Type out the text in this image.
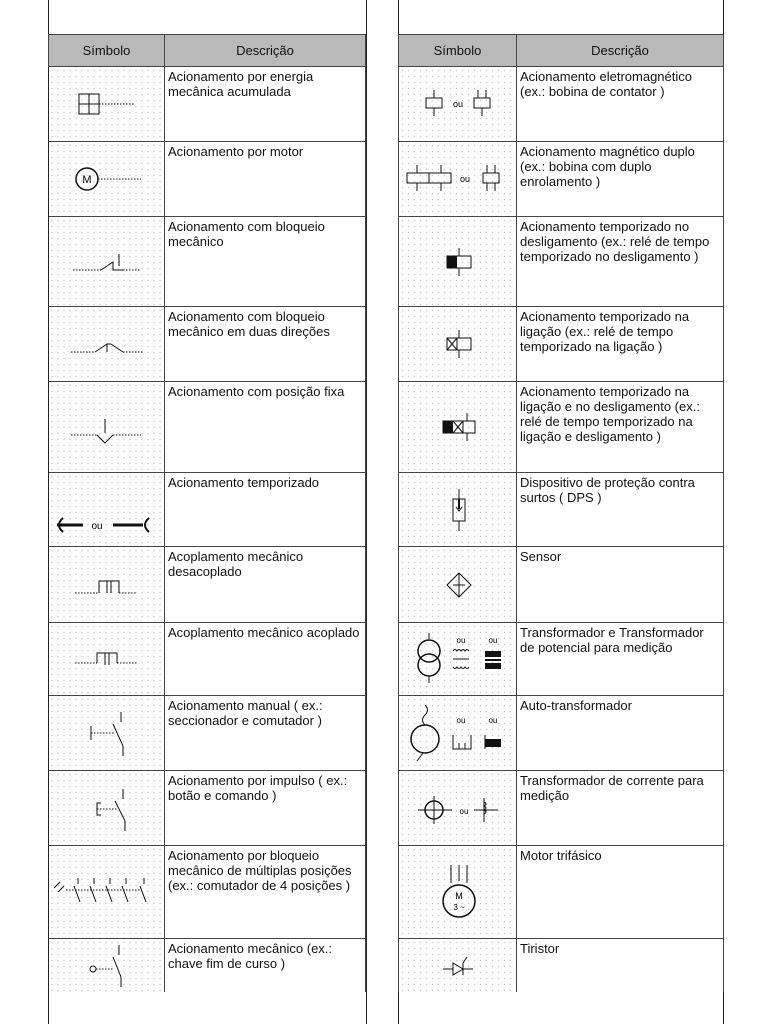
Símbolo	Descrição

	Acionamento por energia mecânica acumulada

M	Acionamento por motor

	Acionamento com bloqueio mecânico

	Acionamento com bloqueio mecânico em duas direções

	Acionamento com posição fixa

ou	Acionamento temporizado

	Acoplamento mecânico desacoplado

	Acoplamento mecânico acoplado

	Acionamento manual ( ex.: seccionador e comutador )

	Acionamento por impulso ( ex.: botão e comando )

	Acionamento por bloqueio mecânico de múltiplas posições (ex.: comutador de 4 posições )

	Acionamento mecânico (ex.: chave fim de curso )
Símbolo	Descrição

ou	Acionamento eletromagnético (ex.: bobina de contator )

ou	Acionamento magnético duplo (ex.: bobina com duplo enrolamento )

	Acionamento temporizado no desligamento (ex.: relé de tempo temporizado no desligamento )

	Acionamento temporizado na ligação (ex.: relé de tempo temporizado na ligação )

	Acionamento temporizado na ligação e no desligamento (ex.: relé de tempo temporizado na ligação e desligamento )

	Dispositivo de proteção contra surtos ( DPS )

	Sensor

ou ou	Transformador e Transformador de potencial para medição

ou ou	Auto-transformador

ou	Transformador de corrente para medição

M
3 ~	Motor trifásico

	Tiristor
